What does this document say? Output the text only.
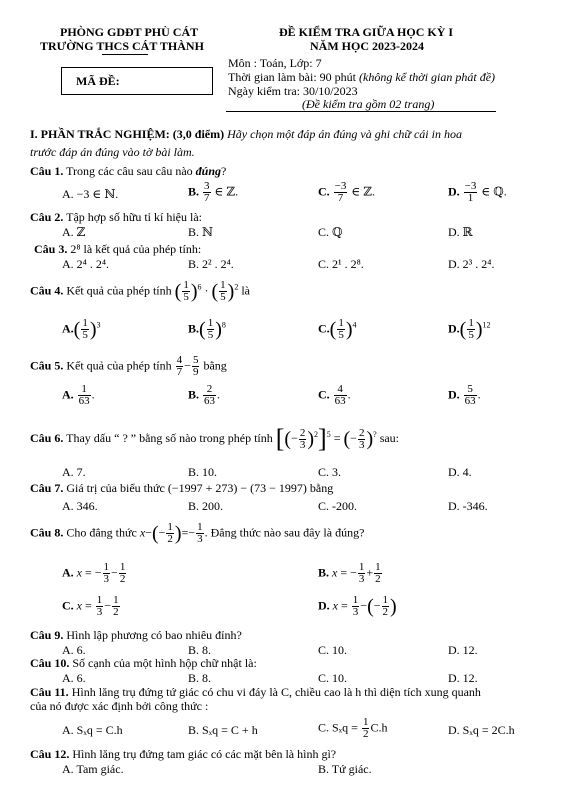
PHÒNG GDĐT PHÙ CÁT
TRƯỜNG THCS CÁT THÀNH
MÃ ĐỀ:
ĐỀ KIỂM TRA GIỮA HỌC KỲ I
NĂM HỌC 2023-2024
Môn : Toán, Lớp: 7
Thời gian làm bài: 90 phút (không kể thời gian phát đề)
Ngày kiểm tra: 30/10/2023
(Đề kiểm tra gồm 02 trang)
I. PHẦN TRẮC NGHIỆM: (3,0 điểm) Hãy chọn một đáp án đúng và ghi chữ cái in hoa
trước đáp án đúng vào tờ bài làm.
Câu 1. Trong các câu sau câu nào đúng?
A. −3 ∈ ℕ.	B. $\frac{3}{7}$ ∈ ℤ.	C. $\frac{-3}{7}$ ∈ ℤ.	D. $\frac{-3}{1}$ ∈ ℚ.
Câu 2. Tập hợp số hữu tỉ kí hiệu là:
A. ℤ	B. ℕ	C. ℚ	D. ℝ
Câu 3. 2⁸ là kết quả của phép tính:
A. 2⁴ . 2⁴.	B. 2² . 2⁴.	C. 2¹ . 2⁸.	D. 2³ . 2⁴.
Câu 4. Kết quả của phép tính ( $\frac{1}{5} )^6$ · ( $\frac{1}{5} )^2$ là
$A.( \frac{1}{5} )^3$	$B.( \frac{1}{5} )^8$	$C.( \frac{1}{5} )^4$	$D.( \frac{1}{5} )^{12}$
Câu 5. Kết quả của phép tính $\frac{4}{7} - \frac{5}{9}$ bằng
A. $\frac{1}{63}$ .	B. $\frac{2}{63}$ .	C. $\frac{4}{63}$ .	D. $\frac{5}{63}$ .
Câu 6. Thay dấu “ ? ” bằng số nào trong phép tính [(− $\frac{2}{3} )^2]^5$ = (− $\frac{2}{3} )^?$ sau:
A. 7.	B. 10.	C. 3.	D. 4.
Câu 7. Giá trị của biểu thức (−1997 + 273) − (73 − 1997) bằng
A. 346.	B. 200.	C. -200.	D. -346.
Câu 8. Cho đẳng thức $x-(- \frac{1}{2}$ )=− $\frac{1}{3}$ . Đẳng thức nào sau đây là đúng?
A. x = − $\frac{1}{3} - \frac{1}{2}$	B. x = − $\frac{1}{3} + \frac{1}{2}$
C. $x = \frac{1}{3} - \frac{1}{2}$	D. $x = \frac{1}{3}$ −(− $\frac{1}{2}$ )
Câu 9. Hình lập phương có bao nhiêu đỉnh?
A. 6.	B. 8.	C. 10.	D. 12.
Câu 10. Số cạnh của một hình hộp chữ nhật là:
A. 6.	B. 8.	C. 10.	D. 12.
Câu 11. Hình lăng trụ đứng tứ giác có chu vi đáy là C, chiều cao là h thì diện tích xung quanh
của nó được xác định bởi công thức :
A. Sₓq = C.h	B. Sₓq = C + h	C. $S_xq = \frac{1}{2} C.h$	D. Sₓq = 2C.h
Câu 12. Hình lăng trụ đứng tam giác có các mặt bên là hình gì?
A. Tam giác.	B. Tứ giác.
